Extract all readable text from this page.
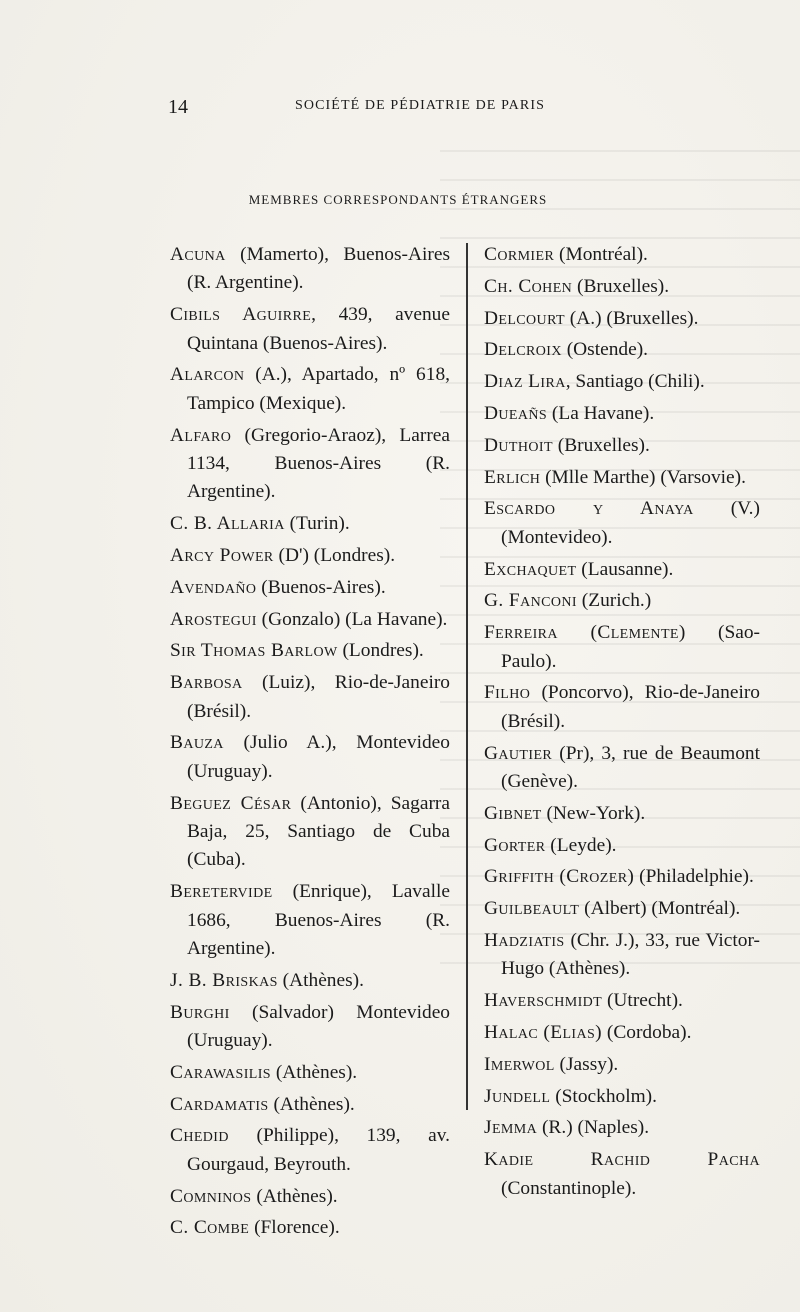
14	SOCIÉTÉ DE PÉDIATRIE DE PARIS
MEMBRES CORRESPONDANTS ÉTRANGERS
Acuna (Mamerto), Buenos-Aires (R. Argentine).
Cibils Aguirre, 439, avenue Quintana (Buenos-Aires).
Alarcon (A.), Apartado, nº 618, Tampico (Mexique).
Alfaro (Gregorio-Araoz), Larrea 1134, Buenos-Aires (R. Argentine).
C. B. Allaria (Turin).
Arcy Power (D') (Londres).
Avendaño (Buenos-Aires).
Arostegui (Gonzalo) (La Havane).
Sir Thomas Barlow (Londres).
Barbosa (Luiz), Rio-de-Janeiro (Brésil).
Bauza (Julio A.), Montevideo (Uruguay).
Beguez César (Antonio), Sagarra Baja, 25, Santiago de Cuba (Cuba).
Beretervide (Enrique), Lavalle 1686, Buenos-Aires (R. Argentine).
J. B. Briskas (Athènes).
Burghi (Salvador) Montevideo (Uruguay).
Carawasilis (Athènes).
Cardamatis (Athènes).
Chedid (Philippe), 139, av. Gourgaud, Beyrouth.
Comninos (Athènes).
C. Combe (Florence).
Cormier (Montréal).
Ch. Cohen (Bruxelles).
Delcourt (A.) (Bruxelles).
Delcroix (Ostende).
Diaz Lira, Santiago (Chili).
Dueañs (La Havane).
Duthoit (Bruxelles).
Erlich (Mlle Marthe) (Varsovie).
Escardo y Anaya (V.) (Montevideo).
Exchaquet (Lausanne).
G. Fanconi (Zurich.)
Ferreira (Clemente) (Sao-Paulo).
Filho (Poncorvo), Rio-de-Janeiro (Brésil).
Gautier (Pr), 3, rue de Beaumont (Genève).
Gibnet (New-York).
Gorter (Leyde).
Griffith (Crozer) (Philadelphie).
Guilbeault (Albert) (Montréal).
Hadziatis (Chr. J.), 33, rue Victor-Hugo (Athènes).
Haverschmidt (Utrecht).
Halac (Elias) (Cordoba).
Imerwol (Jassy).
Jundell (Stockholm).
Jemma (R.) (Naples).
Kadie Rachid Pacha (Constantinople).
